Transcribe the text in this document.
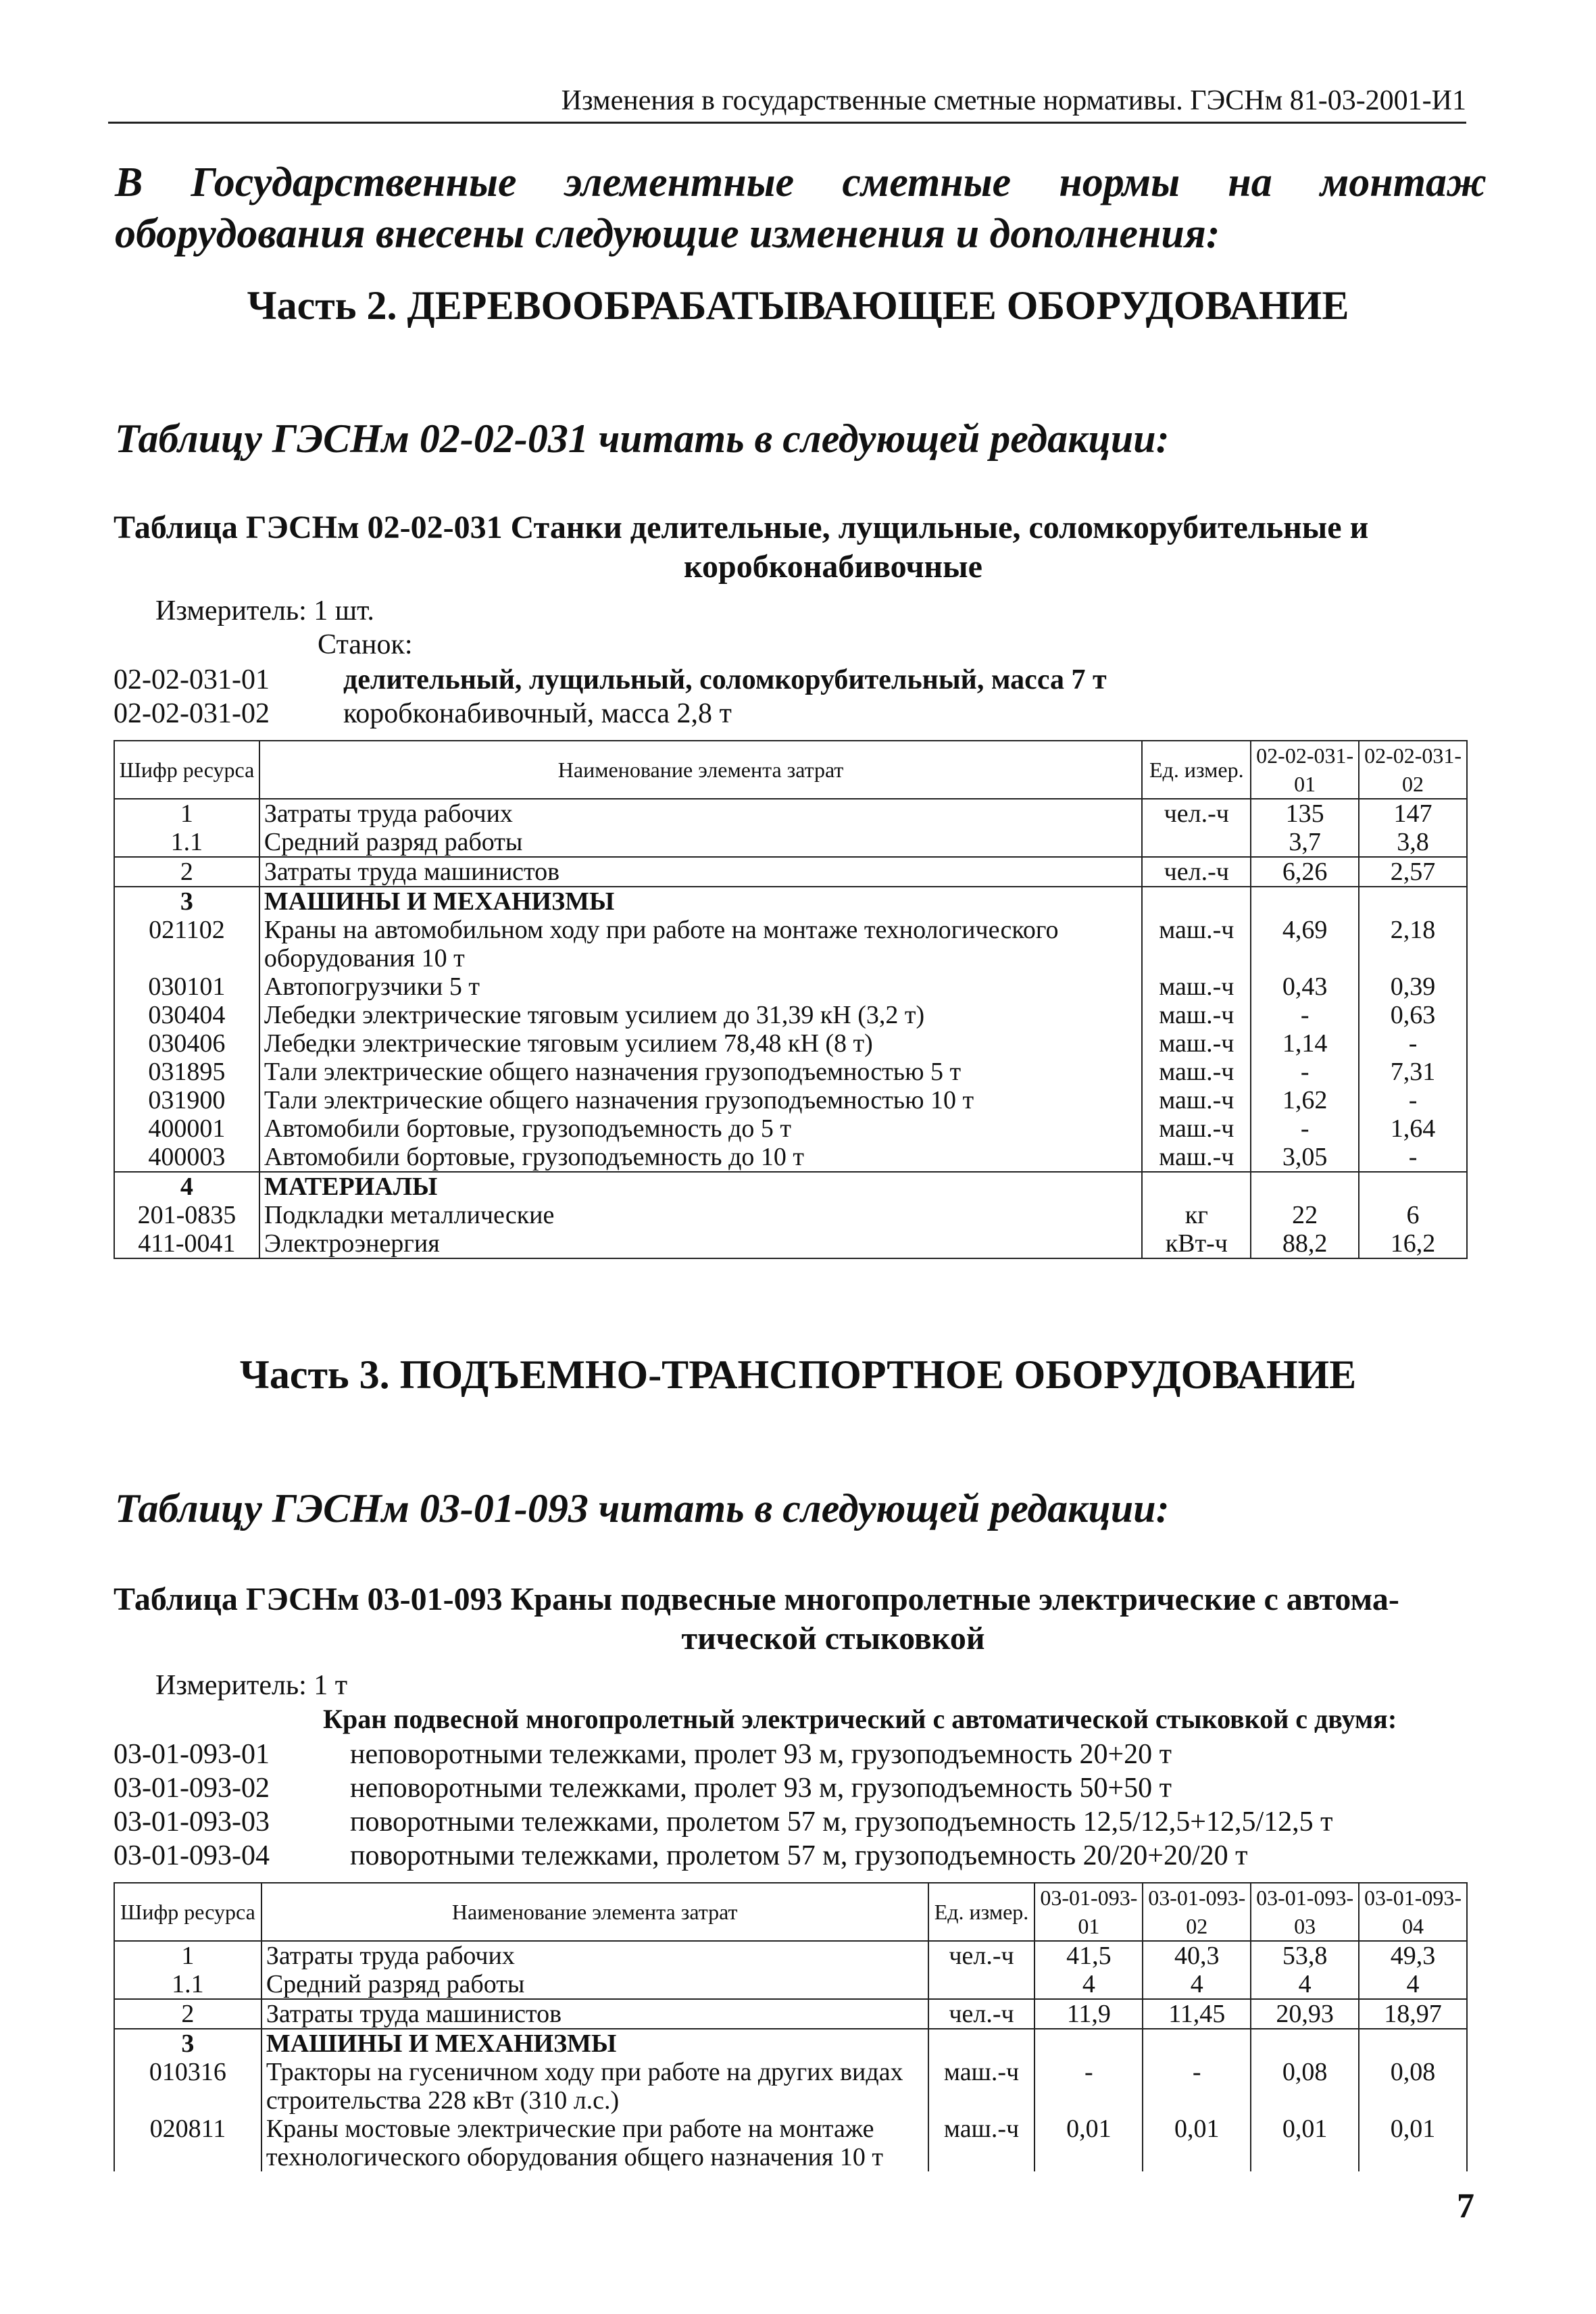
Изменения в государственные сметные нормативы. ГЭСНм 81-03-2001-И1
В Государственные элементные сметные нормы на монтаж оборудования внесены следующие изменения и дополнения:
Часть 2. ДЕРЕВООБРАБАТЫВАЮЩЕЕ ОБОРУДОВАНИЕ
Таблицу ГЭСНм 02-02-031 читать в следующей редакции:
Таблица ГЭСНм 02-02-031 Станки делительные, лущильные, соломкорубительные и
коробконабивочные
Измеритель: 1 шт.
Станок:
02-02-031-01	делительный, лущильный, соломкорубительный, масса 7 т
02-02-031-02	коробконабивочный, масса 2,8 т
Шифр ресурса	Наименование элемента затрат	Ед. измер.	02-02-031-01	02-02-031-02
1	Затраты труда рабочих	чел.-ч	135	147
1.1	Средний разряд работы		3,7	3,8
2	Затраты труда машинистов	чел.-ч	6,26	2,57
3	МАШИНЫ И МЕХАНИЗМЫ			
021102	Краны на автомобильном ходу при работе на монтаже технологического оборудования 10 т	маш.-ч	4,69	2,18
030101	Автопогрузчики 5 т	маш.-ч	0,43	0,39
030404	Лебедки электрические тяговым усилием до 31,39 кН (3,2 т)	маш.-ч	-	0,63
030406	Лебедки электрические тяговым усилием 78,48 кН (8 т)	маш.-ч	1,14	-
031895	Тали электрические общего назначения грузоподъемностью 5 т	маш.-ч	-	7,31
031900	Тали электрические общего назначения грузоподъемностью 10 т	маш.-ч	1,62	-
400001	Автомобили бортовые, грузоподъемность до 5 т	маш.-ч	-	1,64
400003	Автомобили бортовые, грузоподъемность до 10 т	маш.-ч	3,05	-
4	МАТЕРИАЛЫ			
201-0835	Подкладки металлические	кг	22	6
411-0041	Электроэнергия	кВт-ч	88,2	16,2
Часть 3. ПОДЪЕМНО-ТРАНСПОРТНОЕ ОБОРУДОВАНИЕ
Таблицу ГЭСНм 03-01-093 читать в следующей редакции:
Таблица ГЭСНм 03-01-093 Краны подвесные многопролетные электрические с автома-
тической стыковкой
Измеритель: 1 т
Кран подвесной многопролетный электрический с автоматической стыковкой с двумя:
03-01-093-01	неповоротными тележками, пролет 93 м, грузоподъемность 20+20 т
03-01-093-02	неповоротными тележками, пролет 93 м, грузоподъемность 50+50 т
03-01-093-03	поворотными тележками, пролетом 57 м, грузоподъемность 12,5/12,5+12,5/12,5 т
03-01-093-04	поворотными тележками, пролетом 57 м, грузоподъемность 20/20+20/20 т
Шифр ресурса	Наименование элемента затрат	Ед. измер.	03-01-093-01	03-01-093-02	03-01-093-03	03-01-093-04
1	Затраты труда рабочих	чел.-ч	41,5	40,3	53,8	49,3
1.1	Средний разряд работы		4	4	4	4
2	Затраты труда машинистов	чел.-ч	11,9	11,45	20,93	18,97
3	МАШИНЫ И МЕХАНИЗМЫ					
010316	Тракторы на гусеничном ходу при работе на других видах строительства 228 кВт (310 л.с.)	маш.-ч	-	-	0,08	0,08
020811	Краны мостовые электрические при работе на монтаже технологического оборудования общего назначения 10 т	маш.-ч	0,01	0,01	0,01	0,01
7
